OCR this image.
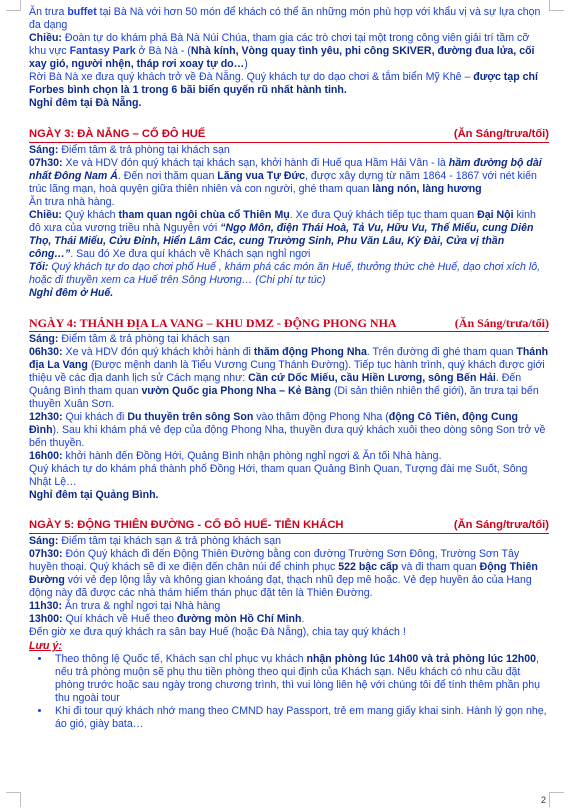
Ăn trưa buffet tại Bà Nà với hơn 50 món để khách có thể ăn những món phù hợp với khẩu vị và sự lựa chọn đa dạng

Chiều: Đoàn tự do khám phá Bà Nà Núi Chúa, tham gia các trò chơi tại một trong công viên giải trí tầm cỡ khu vực Fantasy Park ở Bà Nà - (Nhà kính, Vòng quay tình yêu, phi công SKIVER, đường đua lửa, cối xay gió, người nhện, tháp rơi xoay tự do…)

Rời Bà Nà xe đưa quý khách trở về Đà Nẵng. Quý khách tự do dạo chơi & tắm biển Mỹ Khê – được tạp chí Forbes bình chọn là 1 trong 6 bãi biển quyến rũ nhất hành tinh.

Nghỉ đêm tại Đà Nẵng.

NGÀY 3: ĐÀ NẴNG – CỐ ĐÔ HUẾ	(Ăn Sáng/trưa/tối)

Sáng: Điểm tâm & trả phòng tại khách sạn

07h30: Xe và HDV đón quý khách tại khách sạn, khởi hành đi Huế qua Hầm Hải Vân - là hầm đường bộ dài nhất Đông Nam Á. Đến nơi thăm quan Lăng vua Tự Đức, được xây dựng từ năm 1864 - 1867 với nét kiến trúc lãng mạn, hoà quyện giữa thiên nhiên và con người, ghé tham quan làng nón, làng hương

Ăn trưa nhà hàng.

Chiều: Quý khách tham quan ngôi chùa cổ Thiên Mụ. Xe đưa Quý khách tiếp tục tham quan Đại Nội kinh đô xưa của vương triều nhà Nguyễn với “Ngọ Môn, điện Thái Hoà, Tả Vu, Hữu Vu, Thế Miếu, cung Diên Thọ, Thái Miếu, Cửu Đỉnh, Hiển Lâm Các, cung Trường Sinh, Phu Văn Lâu, Kỳ Đài, Cửa vị thần công…”. Sau đó Xe đưa quí khách về Khách sạn nghỉ ngơi

Tối: Quý khách tự do dạo chơi phố Huế , khám phá các món ăn Huế, thưởng thức chè Huế, dạo chơi xích lô, hoặc đi thuyền xem ca Huế trên Sông Hương… (Chi phí tự túc)

Nghỉ đêm ở Huế.

NGÀY 4: THÁNH ĐỊA LA VANG – KHU DMZ - ĐỘNG PHONG NHA	(Ăn Sáng/trưa/tối)

Sáng: Điểm tâm & trả phòng tại khách sạn

06h30: Xe và HDV đón quý khách khởi hành đi thăm động Phong Nha. Trên đường đi ghé tham quan Thánh địa La Vang (Được mệnh danh là Tiểu Vương Cung Thánh Đường). Tiếp tục hành trình, quý khách được giới thiệu về các địa danh lịch sử Cách mạng như: Cần cứ Dốc Miếu, cầu Hiền Lương, sông Bến Hải. Đến Quảng Bình tham quan vườn Quốc gia Phong Nha – Kẻ Bàng (Di sản thiên nhiên thế giới), ăn trưa tại bến thuyền Xuân Sơn.

12h30: Qui khách đi Du thuyền trên sông Son vào thăm động Phong Nha (động Cô Tiên, động Cung Đình). Sau khi khám phá vẻ đẹp của động Phong Nha, thuyền đưa quý khách xuôi theo dòng sông Son trở về bến thuyền.

16h00: khởi hành đến Đồng Hới, Quảng Bình nhận phòng nghỉ ngơi & Ăn tối Nhà hàng.

Quý khách tự do khám phá thành phố Đồng Hới, tham quan Quảng Bình Quan, Tượng đài mẹ Suốt, Sông Nhật Lệ…

Nghỉ đêm tại Quảng Bình.

NGÀY 5: ĐỘNG THIÊN ĐƯỜNG - CỐ ĐÔ HUẾ- TIỄN KHÁCH	(Ăn Sáng/trưa/tối)

Sáng: Điểm tâm tại khách sạn & trả phòng khách sạn

07h30: Đón Quý khách đi đến Động Thiên Đường bằng con đường Trường Sơn Đông, Trường Sơn Tây huyền thoại. Quý khách sẽ đi xe điện đến chân núi để chinh phục 522 bậc cấp và đi tham quan Động Thiên Đường với vẻ đẹp lộng lẫy và không gian khoáng đạt, thạch nhũ đẹp mê hoặc. Vẻ đẹp huyền ảo của Hang động này đã được các nhà thám hiểm thán phục đặt tên là Thiên Đường.

11h30: Ăn trưa & nghỉ ngơi tại Nhà hàng

13h00: Quí khách về Huế theo đường mòn Hồ Chí Minh.

Đến giờ xe đưa quý khách ra sân bay Huế (hoặc Đà Nẵng), chia tay quý khách !

Lưu ý:

• Theo thông lệ Quốc tế, Khách sạn chỉ phục vụ khách nhận phòng lúc 14h00 và trả phòng lúc 12h00, nếu trả phòng muộn sẽ phụ thu tiền phòng theo qui định của Khách sạn. Nếu khách có nhu cầu đặt phòng trước hoặc sau ngày trong chương trình, thì vui lòng liên hệ với chúng tôi để tính thêm phần phụ thu ngoài tour
• Khi đi tour quý khách nhớ mang theo CMND hay Passport, trẻ em mang giấy khai sinh. Hành lý gọn nhẹ, áo gió, giày bata…
2
